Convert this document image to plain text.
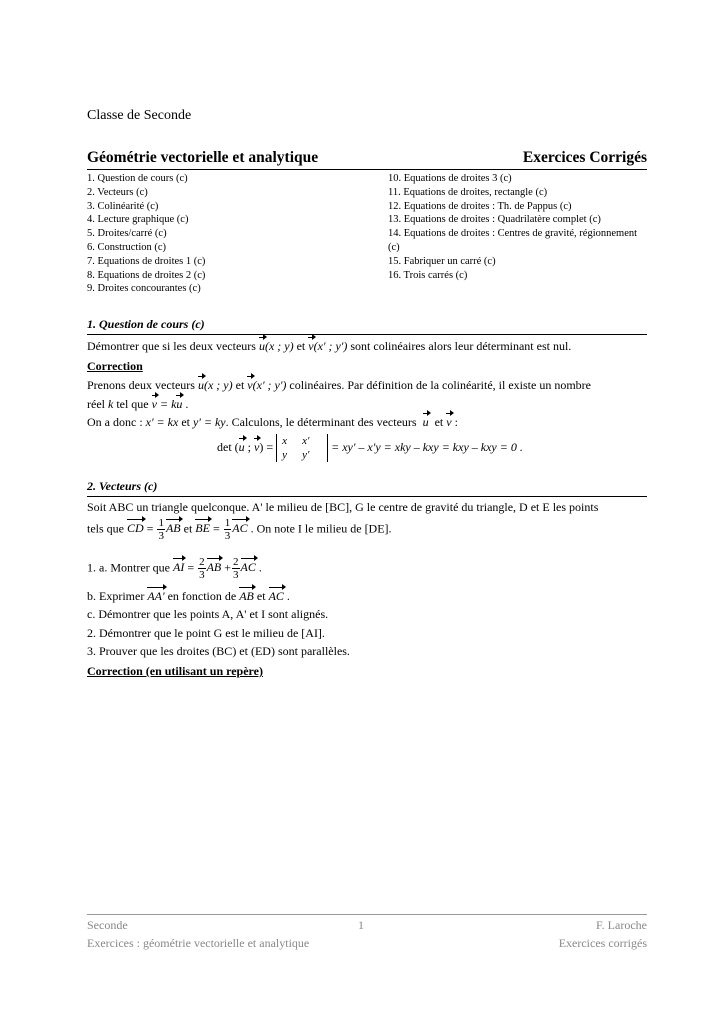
Classe de Seconde
Géométrie vectorielle et analytique	Exercices Corrigés
1. Question de cours (c)
2. Vecteurs (c)
3. Colinéarité (c)
4. Lecture graphique (c)
5. Droites/carré (c)
6. Construction (c)
7. Equations de droites 1 (c)
8. Equations de droites 2 (c)
9. Droites concourantes (c)
10. Equations de droites 3 (c)
11. Equations de droites, rectangle (c)
12. Equations de droites : Th. de Pappus (c)
13. Equations de droites : Quadrilatère complet (c)
14. Equations de droites : Centres de gravité, régionnement (c)
15. Fabriquer un carré (c)
16. Trois carrés (c)
1. Question de cours (c)
Démontrer que si les deux vecteurs u(x ; y) et v(x' ; y') sont colinéaires alors leur déterminant est nul.
Correction
Prenons deux vecteurs u(x ; y) et v(x' ; y') colinéaires. Par définition de la colinéarité, il existe un nombre
réel k tel que v = ku .
On a donc : x' = kx et y' = ky. Calculons, le déterminant des vecteurs u et v :
det (u ; v) = x x'
y y'
= xy' – x'y = xky – kxy = kxy – kxy = 0 .
2. Vecteurs (c)
Soit ABC un triangle quelconque. A' le milieu de [BC], G le centre de gravité du triangle, D et E les points
tels que CD = $\frac{1}{3}$ AB et BE = $\frac{1}{3}$ AC . On note I le milieu de [DE].
1. a. Montrer que AI = $\frac{2}{3}$ AB + $\frac{2}{3}$ AC .
b. Exprimer AA' en fonction de AB et AC .
c. Démontrer que les points A, A' et I sont alignés.
2. Démontrer que le point G est le milieu de [AI].
3. Prouver que les droites (BC) et (ED) sont parallèles.
Correction (en utilisant un repère)
Seconde	1	F. Laroche
Exercices : géométrie vectorielle et analytique	Exercices corrigés
